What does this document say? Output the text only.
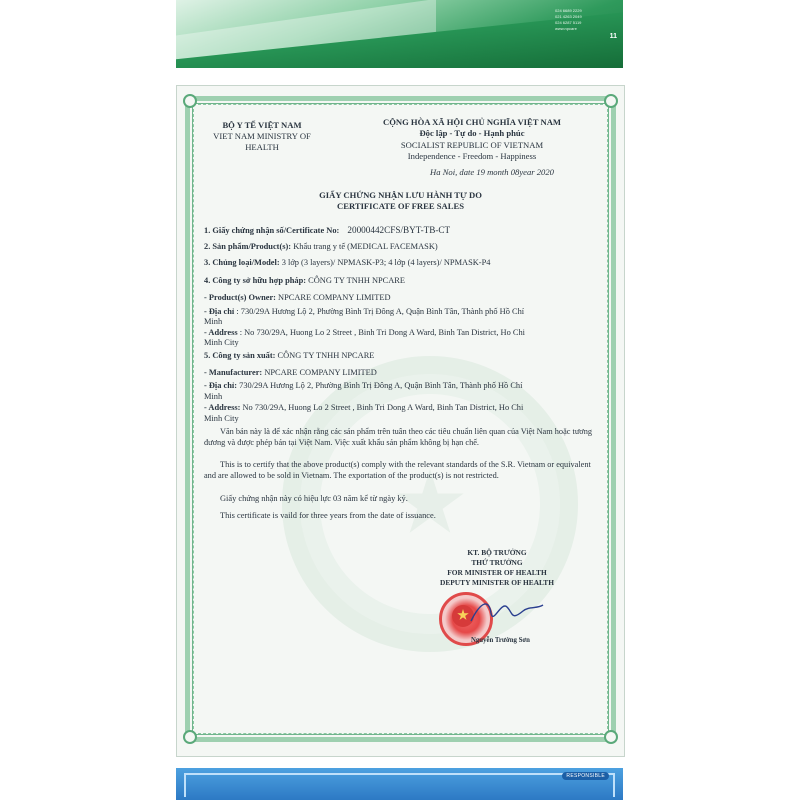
024 6689 2229
021 4263 2049
024 6287 5119
www.npcare
11
BỘ Y TẾ VIỆT NAM
VIET NAM MINISTRY OF
HEALTH
CỘNG HÒA XÃ HỘI CHỦ NGHĨA VIỆT NAM
Độc lập - Tự do - Hạnh phúc
SOCIALIST REPUBLIC OF VIETNAM
Independence - Freedom - Happiness
Ha Noi, date 19 month 08year 2020
GIẤY CHỨNG NHẬN LƯU HÀNH TỰ DO
CERTIFICATE OF FREE SALES
1. Giấy chứng nhận số/Certificate No: 20000442CFS/BYT-TB-CT
2. Sản phẩm/Product(s): Khẩu trang y tế (MEDICAL FACEMASK)
3. Chủng loại/Model: 3 lớp (3 layers)/ NPMASK-P3; 4 lớp (4 layers)/ NPMASK-P4
4. Công ty sở hữu hợp pháp: CÔNG TY TNHH NPCARE
- Product(s) Owner: NPCARE COMPANY LIMITED
- Địa chỉ : 730/29A Hương Lộ 2, Phường Bình Trị Đông A, Quận Bình Tân, Thành phố Hồ Chí
Minh
- Address : No 730/29A, Huong Lo 2 Street , Binh Tri Dong A Ward, Binh Tan District, Ho Chi
Minh City
5. Công ty sản xuất: CÔNG TY TNHH NPCARE
- Manufacturer: NPCARE COMPANY LIMITED
- Địa chỉ: 730/29A Hương Lộ 2, Phường Bình Trị Đông A, Quận Bình Tân, Thành phố Hồ Chí
Minh
- Address: No 730/29A, Huong Lo 2 Street , Binh Tri Dong A Ward, Binh Tan District, Ho Chi
Minh City
Văn bản này là để xác nhận rằng các sản phẩm trên tuân theo các tiêu chuẩn liên quan của Việt Nam hoặc tương đương và được phép bán tại Việt Nam. Việc xuất khẩu sản phẩm không bị hạn chế.
This is to certify that the above product(s) comply with the relevant standards of the S.R. Vietnam or equivalent and are allowed to be sold in Vietnam. The exportation of the product(s) is not restricted.
Giấy chứng nhận này có hiệu lực 03 năm kể từ ngày ký.
This certificate is vaild for three years from the date of issuance.
KT. BỘ TRƯỞNG
THỨ TRƯỞNG
FOR MINISTER OF HEALTH
DEPUTY MINISTER OF HEALTH
Nguyễn Trường Sơn
RESPONSIBLE
